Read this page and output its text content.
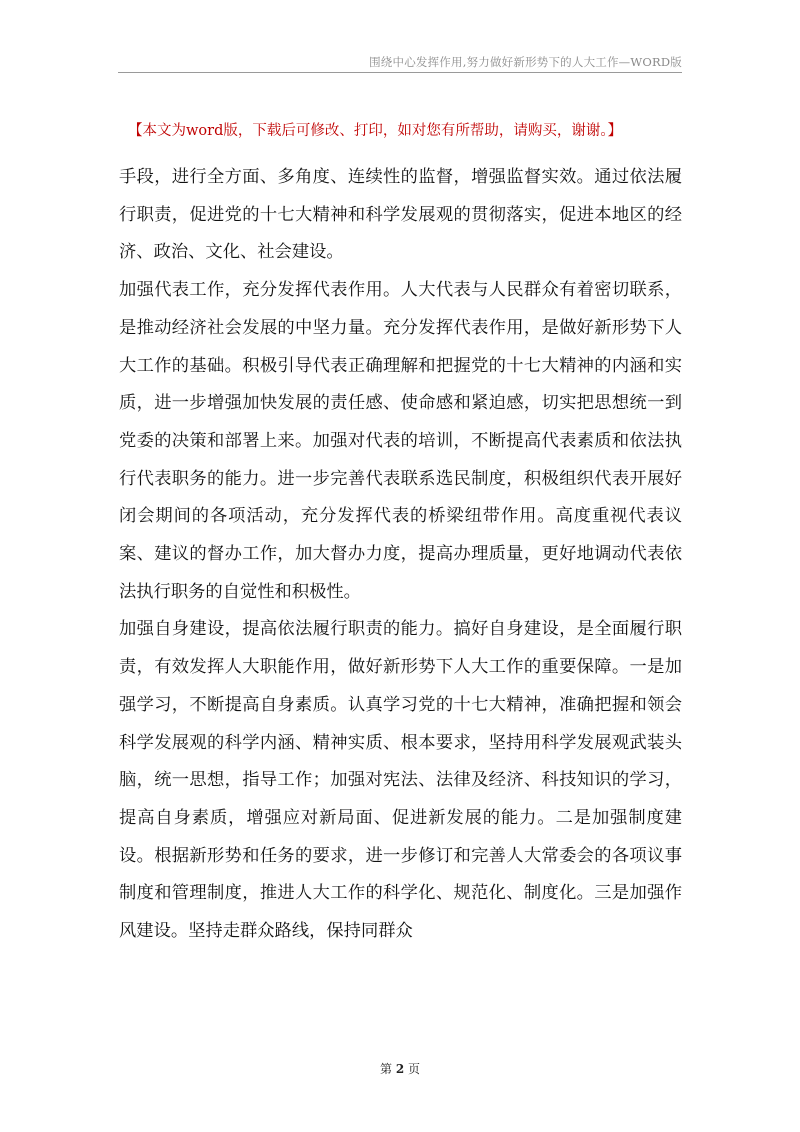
围绕中心发挥作用,努力做好新形势下的人大工作—WORD版
【本文为word版，下载后可修改、打印，如对您有所帮助，请购买，谢谢。】

手段，进行全方面、多角度、连续性的监督，增强监督实效。通过依法履行职责，促进党的十七大精神和科学发展观的贯彻落实，促进本地区的经济、政治、文化、社会建设。

加强代表工作，充分发挥代表作用。人大代表与人民群众有着密切联系，是推动经济社会发展的中坚力量。充分发挥代表作用，是做好新形势下人大工作的基础。积极引导代表正确理解和把握党的十七大精神的内涵和实质，进一步增强加快发展的责任感、使命感和紧迫感，切实把思想统一到党委的决策和部署上来。加强对代表的培训，不断提高代表素质和依法执行代表职务的能力。进一步完善代表联系选民制度，积极组织代表开展好闭会期间的各项活动，充分发挥代表的桥梁纽带作用。高度重视代表议案、建议的督办工作，加大督办力度，提高办理质量，更好地调动代表依法执行职务的自觉性和积极性。

加强自身建设，提高依法履行职责的能力。搞好自身建设，是全面履行职责，有效发挥人大职能作用，做好新形势下人大工作的重要保障。一是加强学习，不断提高自身素质。认真学习党的十七大精神，准确把握和领会科学发展观的科学内涵、精神实质、根本要求，坚持用科学发展观武装头脑，统一思想，指导工作；加强对宪法、法律及经济、科技知识的学习，提高自身素质，增强应对新局面、促进新发展的能力。二是加强制度建设。根据新形势和任务的要求，进一步修订和完善人大常委会的各项议事制度和管理制度，推进人大工作的科学化、规范化、制度化。三是加强作风建设。坚持走群众路线，保持同群众

第 2 页
